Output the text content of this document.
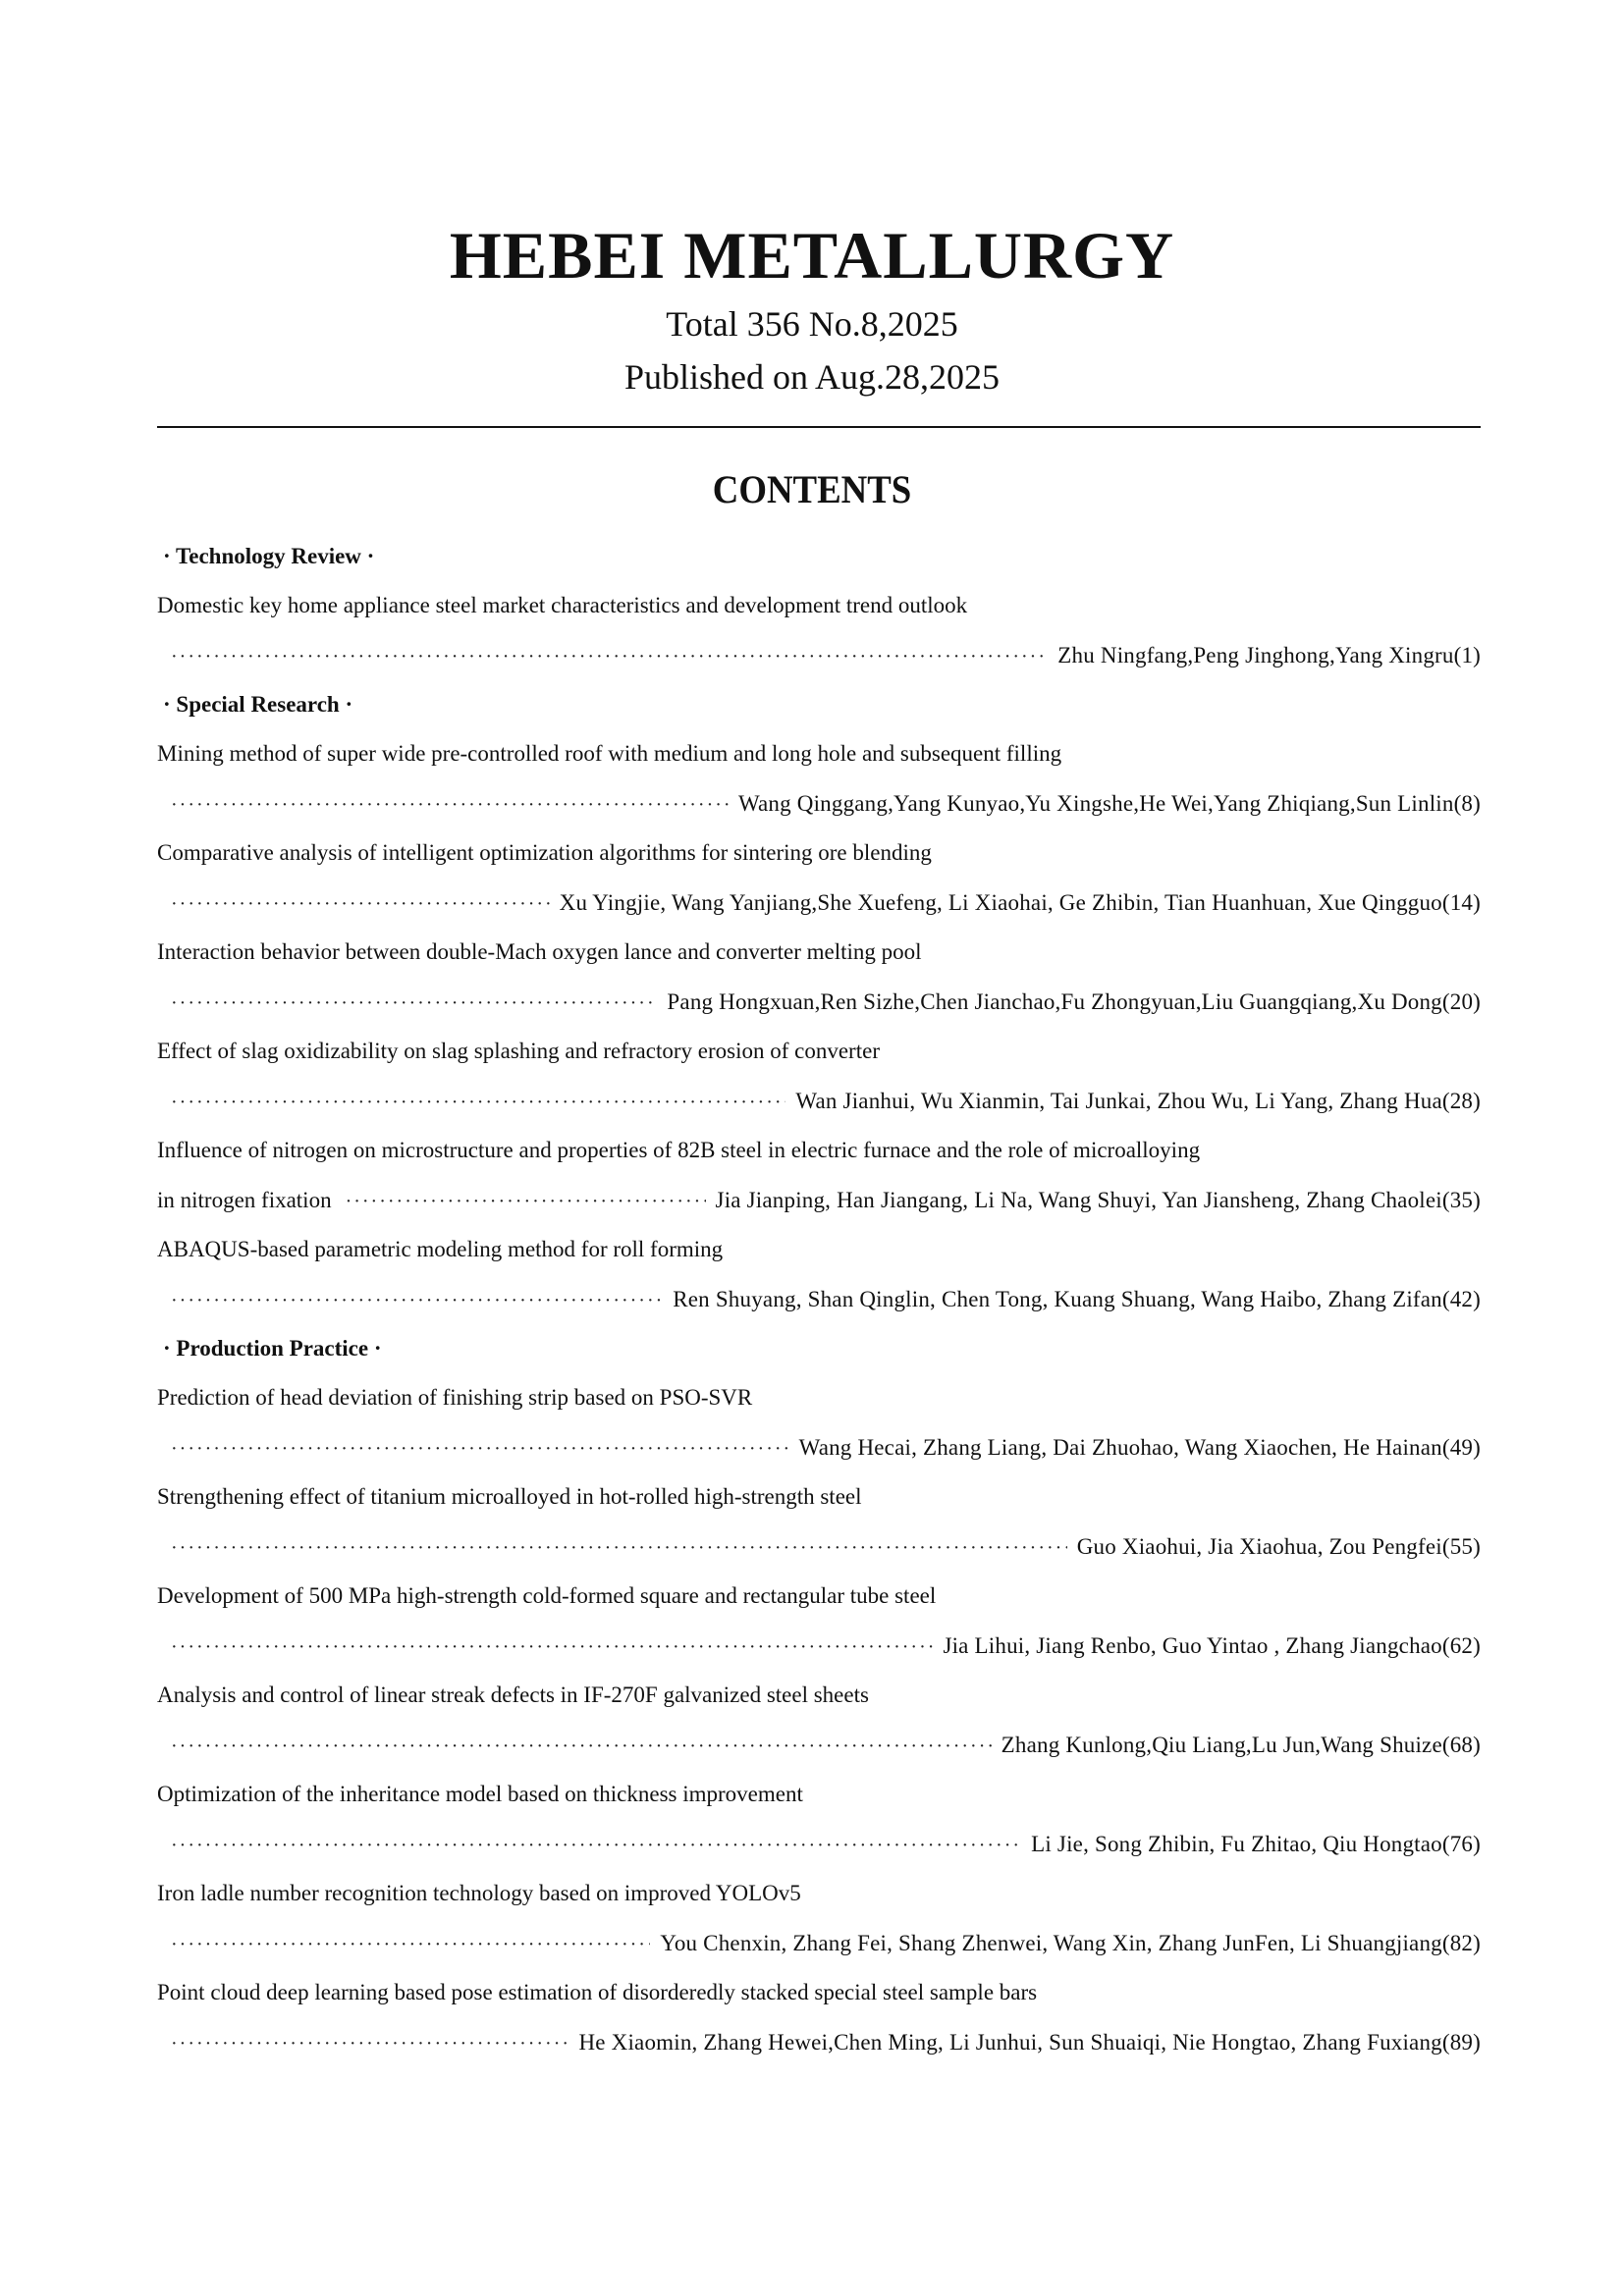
HEBEI METALLURGY
Total 356 No.8,2025
Published on Aug.28,2025
CONTENTS
· Technology Review ·
Domestic key home appliance steel market characteristics and development trend outlook
·····
Zhu Ningfang,Peng Jinghong,Yang Xingru(1)
· Special Research ·
Mining method of super wide pre-controlled roof with medium and long hole and subsequent filling
·····
Wang Qinggang,Yang Kunyao,Yu Xingshe,He Wei,Yang Zhiqiang,Sun Linlin(8)
Comparative analysis of intelligent optimization algorithms for sintering ore blending
·····
Xu Yingjie, Wang Yanjiang,She Xuefeng, Li Xiaohai, Ge Zhibin, Tian Huanhuan, Xue Qingguo(14)
Interaction behavior between double-Mach oxygen lance and converter melting pool
·····
Pang Hongxuan,Ren Sizhe,Chen Jianchao,Fu Zhongyuan,Liu Guangqiang,Xu Dong(20)
Effect of slag oxidizability on slag splashing and refractory erosion of converter
·····
Wan Jianhui, Wu Xianmin, Tai Junkai, Zhou Wu, Li Yang, Zhang Hua(28)
Influence of nitrogen on microstructure and properties of 82B steel in electric furnace and the role of microalloying
in nitrogen fixation
·····	Jia Jianping, Han Jiangang, Li Na, Wang Shuyi, Yan Jiansheng, Zhang Chaolei(35)
ABAQUS-based parametric modeling method for roll forming
·····
Ren Shuyang, Shan Qinglin, Chen Tong, Kuang Shuang, Wang Haibo, Zhang Zifan(42)
· Production Practice ·
Prediction of head deviation of finishing strip based on PSO-SVR
·····
Wang Hecai, Zhang Liang, Dai Zhuohao, Wang Xiaochen, He Hainan(49)
Strengthening effect of titanium microalloyed in hot-rolled high-strength steel
·····
Guo Xiaohui, Jia Xiaohua, Zou Pengfei(55)
Development of 500 MPa high-strength cold-formed square and rectangular tube steel
·····
Jia Lihui, Jiang Renbo, Guo Yintao , Zhang Jiangchao(62)
Analysis and control of linear streak defects in IF-270F galvanized steel sheets
·····
Zhang Kunlong,Qiu Liang,Lu Jun,Wang Shuize(68)
Optimization of the inheritance model based on thickness improvement
·····
Li Jie, Song Zhibin, Fu Zhitao, Qiu Hongtao(76)
Iron ladle number recognition technology based on improved YOLOv5
·····
You Chenxin, Zhang Fei, Shang Zhenwei, Wang Xin, Zhang JunFen, Li Shuangjiang(82)
Point cloud deep learning based pose estimation of disorderedly stacked special steel sample bars
·····
He Xiaomin, Zhang Hewei,Chen Ming, Li Junhui, Sun Shuaiqi, Nie Hongtao, Zhang Fuxiang(89)
